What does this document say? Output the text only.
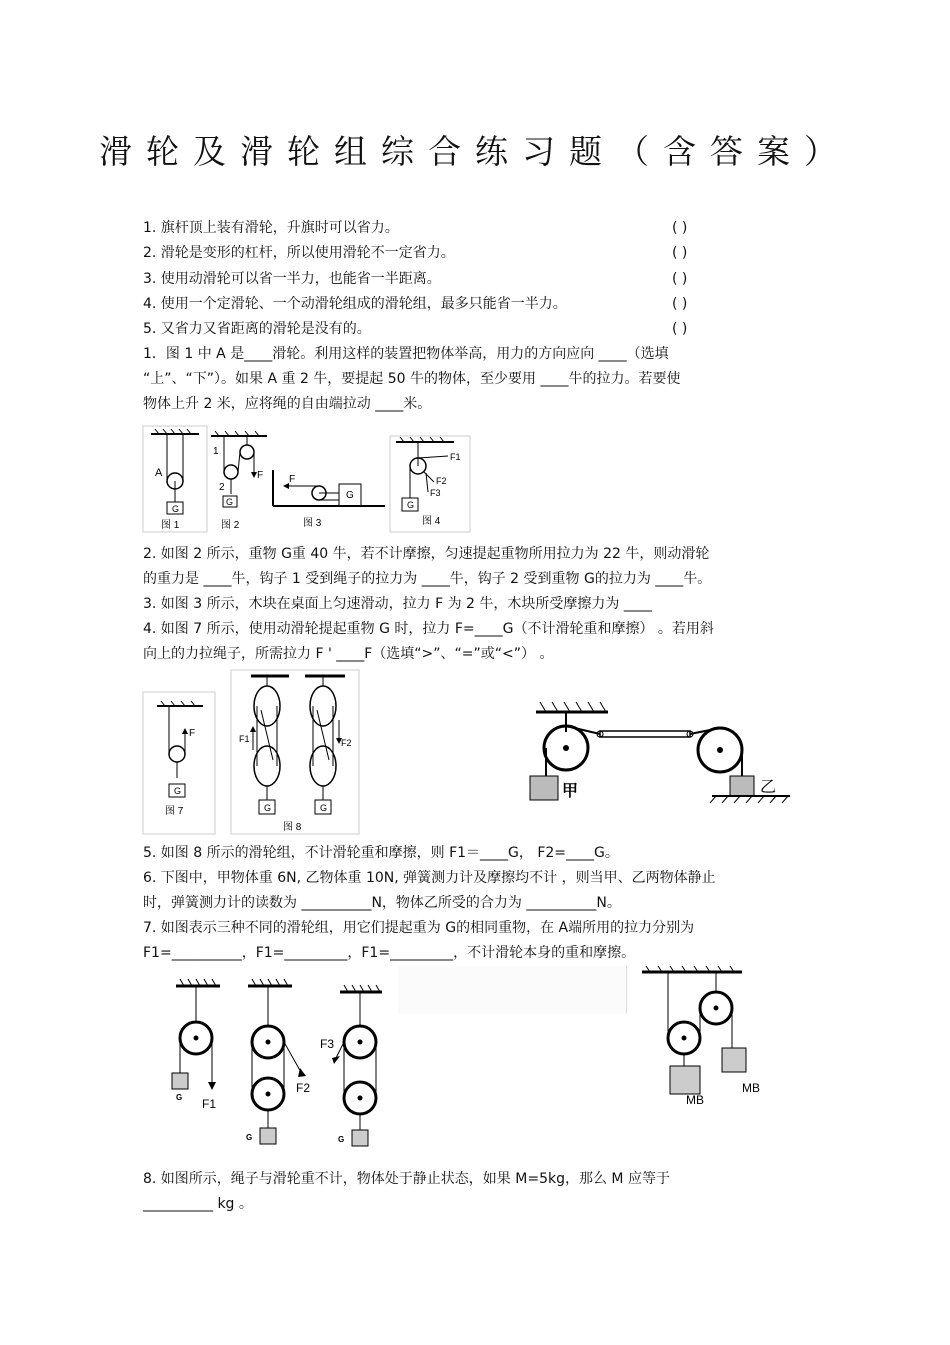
滑轮及滑轮组综合练习题（含答案）
1. 旗杆顶上装有滑轮，升旗时可以省力。	( )
2. 滑轮是变形的杠杆，所以使用滑轮不一定省力。	( )
3. 使用动滑轮可以省一半力，也能省一半距离。	( )
4. 使用一个定滑轮、一个动滑轮组成的滑轮组，最多只能省一半力。	( )
5. 又省力又省距离的滑轮是没有的。	( )
1．图 1 中 A 是____滑轮。利用这样的装置把物体举高，用力的方向应向 ____（选填
“上”、“下”）。如果 A 重 2 牛，要提起 50 牛的物体，至少要用 ____牛的拉力。若要使
物体上升 2 米，应将绳的自由端拉动 ____米。
A
G
图 1
1
2
F
G
图 2
F
G
图 3
F1
F2
F3
G
图 4
2. 如图 2 所示，重物 G重 40 牛，若不计摩擦，匀速提起重物所用拉力为 22 牛，则动滑轮
的重力是 ____牛，钩子 1 受到绳子的拉力为 ____牛，钩子 2 受到重物 G的拉力为 ____牛。
3. 如图 3 所示，木块在桌面上匀速滑动，拉力 F 为 2 牛，木块所受摩擦力为 ____
4. 如图 7 所示，使用动滑轮提起重物 G 时，拉力 F=____G（不计滑轮重和摩擦） 。若用斜
向上的力拉绳子，所需拉力 F ' ____F（选填“>”、“=”或“<”） 。
F
G
图 7
F1	F2
G	G
图 8
甲	乙
5. 如图 8 所示的滑轮组，不计滑轮重和摩擦，则 F1＝____G， F2=____G。
6. 下图中，甲物体重 6N, 乙物体重 10N, 弹簧测力计及摩擦均不计 ，则当甲、乙两物体静止
时，弹簧测力计的读数为 __________N，物体乙所受的合力为 __________N。
7. 如图表示三种不同的滑轮组，用它们提起重为 G的相同重物，在 A端所用的拉力分别为
F1=__________，F1=_________，F1=_________，不计滑轮本身的重和摩擦。
G F1
G
F2
G
F3
MB
MB
8. 如图所示，绳子与滑轮重不计，物体处于静止状态，如果 M=5kg，那么 M 应等于
__________ kg 。
